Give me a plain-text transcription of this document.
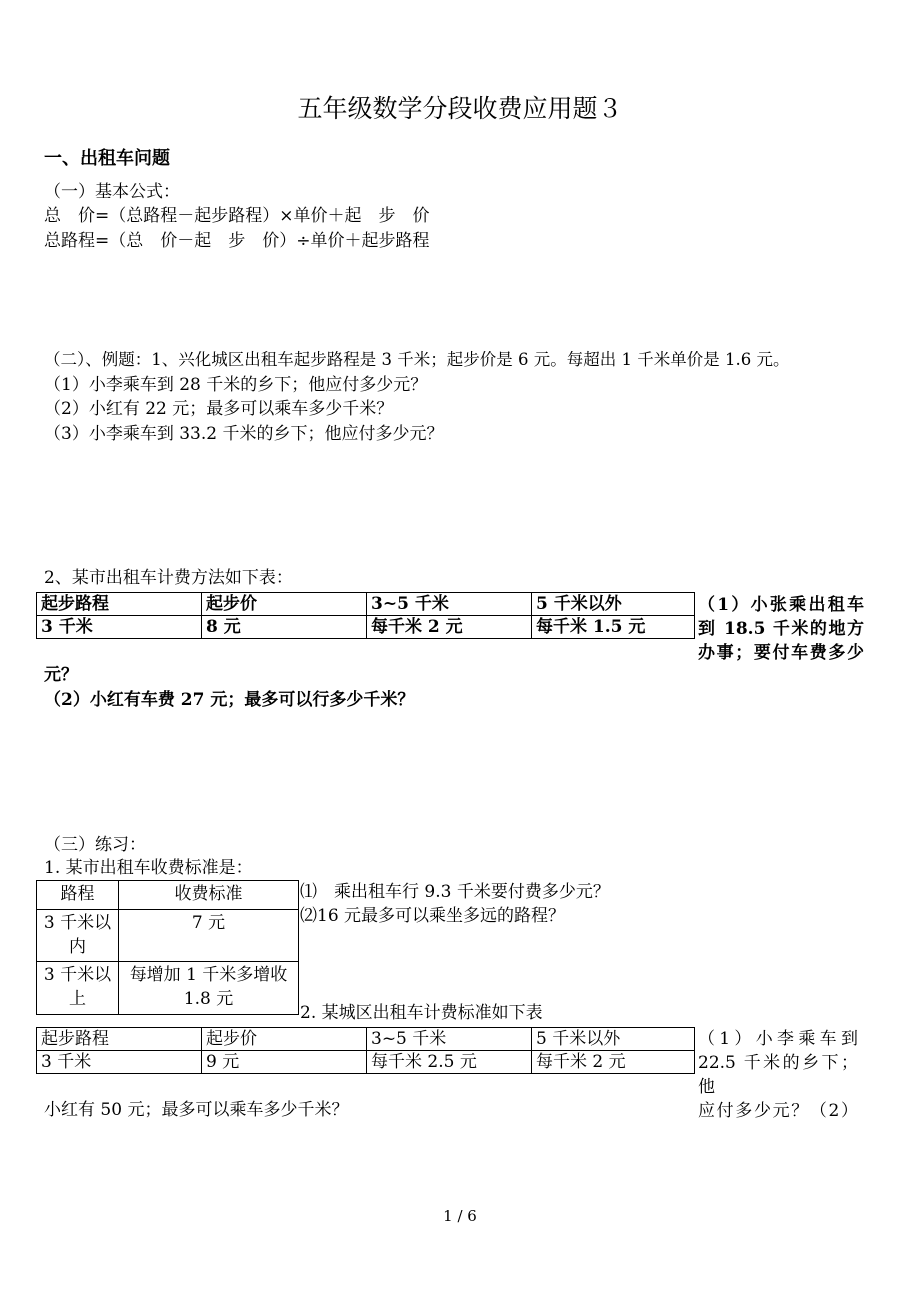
五年级数学分段收费应用题３
一、出租车问题
（一）基本公式：
总　价=（总路程－起步路程）×单价＋起　步　价
总路程=（总　价－起　步　价）÷单价＋起步路程
（二）、例题：1、兴化城区出租车起步路程是 3 千米；起步价是 6 元。每超出 1 千米单价是 1.6 元。
（1）小李乘车到 28 千米的乡下；他应付多少元？
（2）小红有 22 元；最多可以乘车多少千米？
（3）小李乘车到 33.2 千米的乡下；他应付多少元？
2、某市出租车计费方法如下表：
起步路程	起步价	3~5 千米	5 千米以外
3 千米	8 元	每千米 2 元	每千米 1.5 元
（1）小张乘出租车
到 18.5 千米的地方
办事；要付车费多少
元？
（2）小红有车费 27 元；最多可以行多少千米？
（三）练习：
1. 某市出租车收费标准是：
路程	收费标准
3 千米以内	7 元
3 千米以上	每增加 1 千米多增收 1.8 元
⑴　乘出租车行 9.3 千米要付费多少元？
⑵16 元最多可以乘坐多远的路程？
2. 某城区出租车计费标准如下表
起步路程	起步价	3~5 千米	5 千米以外
3 千米	9 元	每千米 2.5 元	每千米 2 元
（1）小李乘车到
22.5 千米的乡下；他
应付多少元？（2）
小红有 50 元；最多可以乘车多少千米？
1 / 6
